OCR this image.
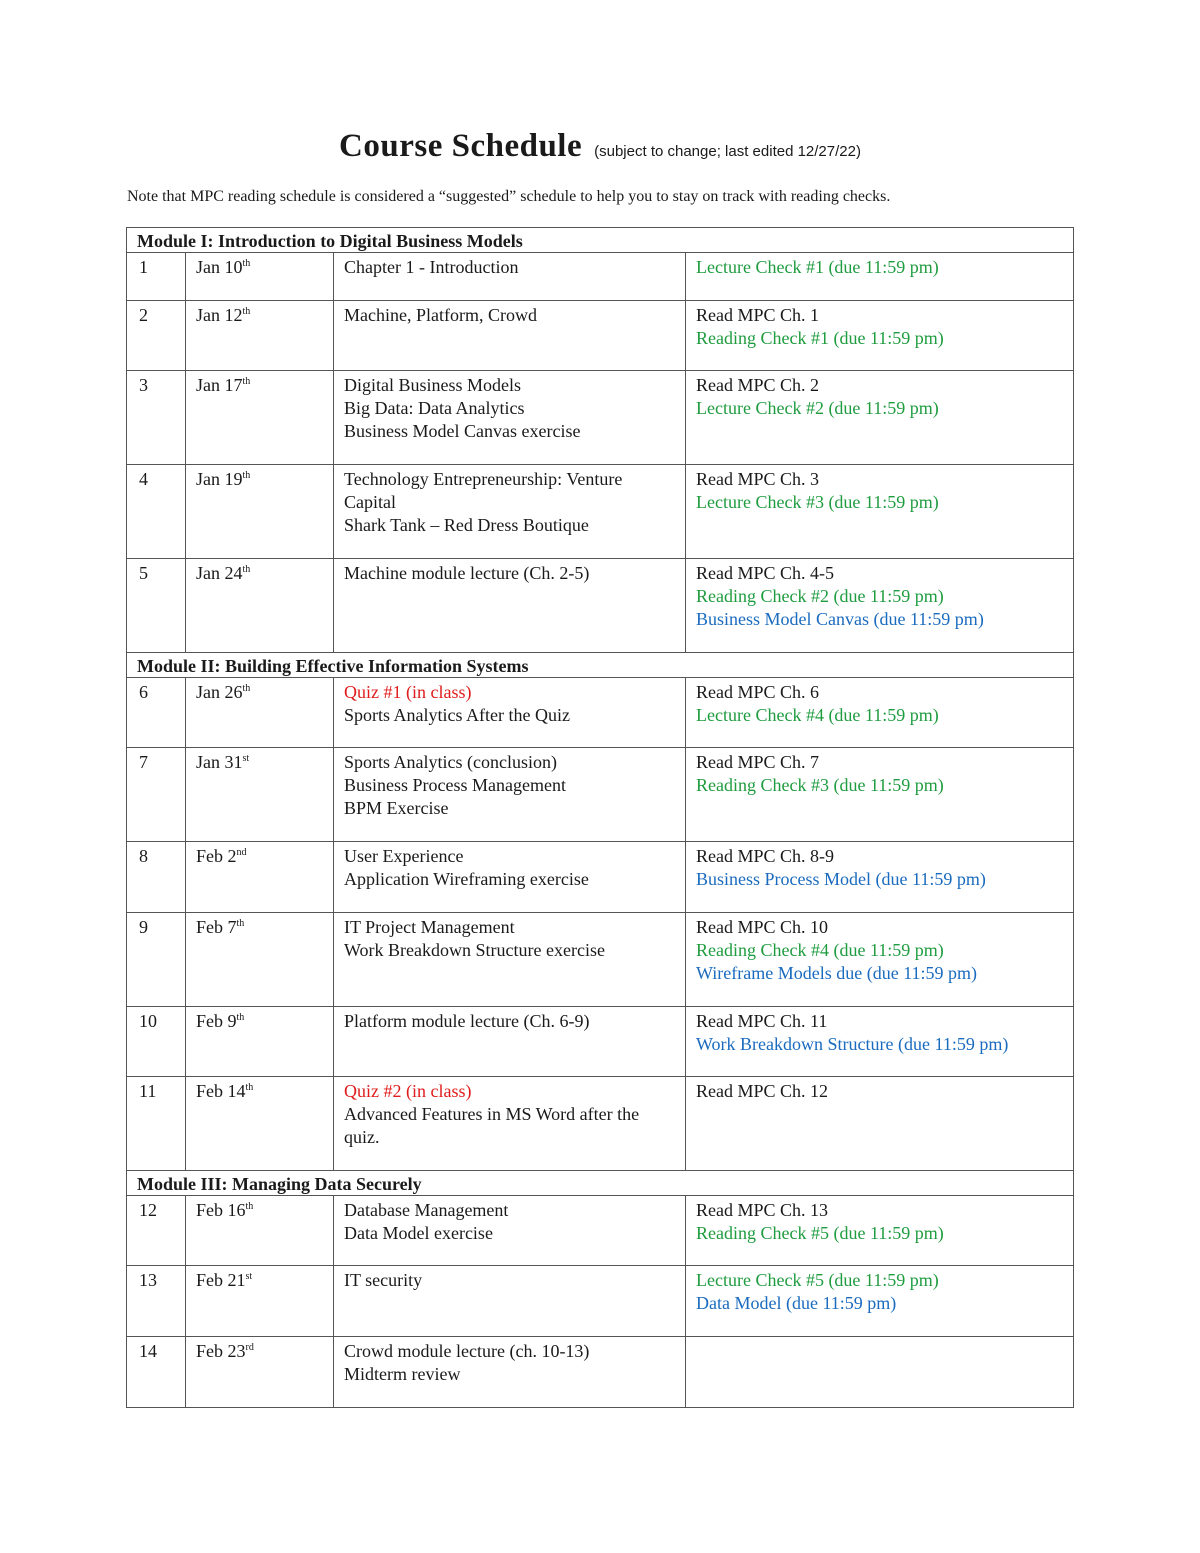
Course Schedule (subject to change; last edited 12/27/22)
Note that MPC reading schedule is considered a “suggested” schedule to help you to stay on track with reading checks.
Module I: Introduction to Digital Business Models			
1	Jan 10th	Chapter 1 - Introduction	Lecture Check #1 (due 11:59 pm)

2	Jan 12th	Machine, Platform, Crowd	Read MPC Ch. 1
Reading Check #1 (due 11:59 pm)

3	Jan 17th	Digital Business Models
Big Data: Data Analytics
Business Model Canvas exercise	Read MPC Ch. 2
Lecture Check #2 (due 11:59 pm)

4	Jan 19th	Technology Entrepreneurship: Venture Capital
Shark Tank – Red Dress Boutique	Read MPC Ch. 3
Lecture Check #3 (due 11:59 pm)

5	Jan 24th	Machine module lecture (Ch. 2-5)	Read MPC Ch. 4-5
Reading Check #2 (due 11:59 pm)
Business Model Canvas (due 11:59 pm)

Module II: Building Effective Information Systems			
6	Jan 26th	Quiz #1 (in class)
Sports Analytics After the Quiz	Read MPC Ch. 6
Lecture Check #4 (due 11:59 pm)

7	Jan 31st	Sports Analytics (conclusion)
Business Process Management
BPM Exercise	Read MPC Ch. 7
Reading Check #3 (due 11:59 pm)

8	Feb 2nd	User Experience
Application Wireframing exercise	Read MPC Ch. 8-9
Business Process Model (due 11:59 pm)

9	Feb 7th	IT Project Management
Work Breakdown Structure exercise	Read MPC Ch. 10
Reading Check #4 (due 11:59 pm)
Wireframe Models due (due 11:59 pm)

10	Feb 9th	Platform module lecture (Ch. 6-9)	Read MPC Ch. 11
Work Breakdown Structure (due 11:59 pm)

11	Feb 14th	Quiz #2 (in class)
Advanced Features in MS Word after the quiz.	Read MPC Ch. 12

Module III: Managing Data Securely			
12	Feb 16th	Database Management
Data Model exercise	Read MPC Ch. 13
Reading Check #5 (due 11:59 pm)

13	Feb 21st	IT security	Lecture Check #5 (due 11:59 pm)
Data Model (due 11:59 pm)

14	Feb 23rd	Crowd module lecture (ch. 10-13)
Midterm review	
